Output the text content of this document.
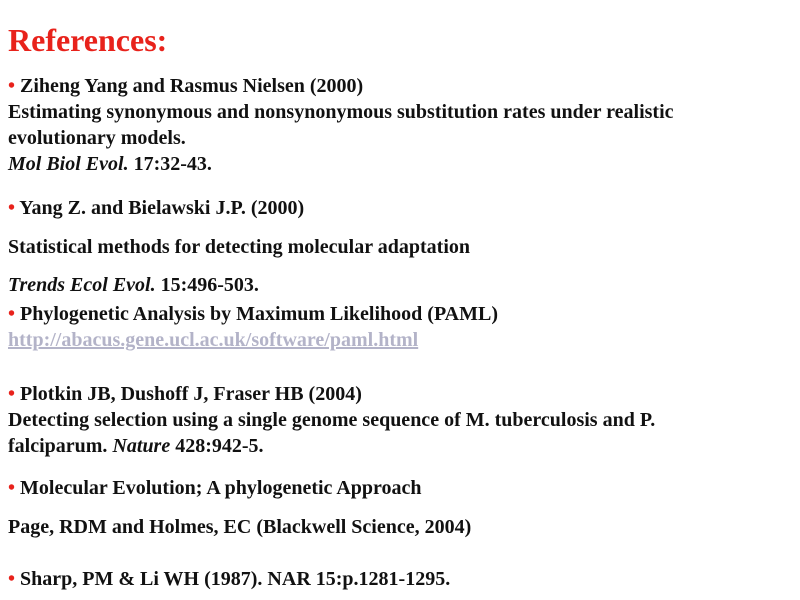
References:
• Ziheng Yang and Rasmus Nielsen (2000)
Estimating synonymous and nonsynonymous substitution rates under realistic
evolutionary models.
Mol Biol Evol. 17:32-43.
• Yang Z. and Bielawski J.P. (2000)
Statistical methods for detecting molecular adaptation
Trends Ecol Evol. 15:496-503.
• Phylogenetic Analysis by Maximum Likelihood (PAML)
http://abacus.gene.ucl.ac.uk/software/paml.html
• Plotkin JB, Dushoff J, Fraser HB (2004)
Detecting selection using a single genome sequence of M. tuberculosis and P.
falciparum. Nature 428:942-5.
• Molecular Evolution; A phylogenetic Approach
Page, RDM and Holmes, EC (Blackwell Science, 2004)
• Sharp, PM & Li WH (1987). NAR 15:p.1281-1295.
